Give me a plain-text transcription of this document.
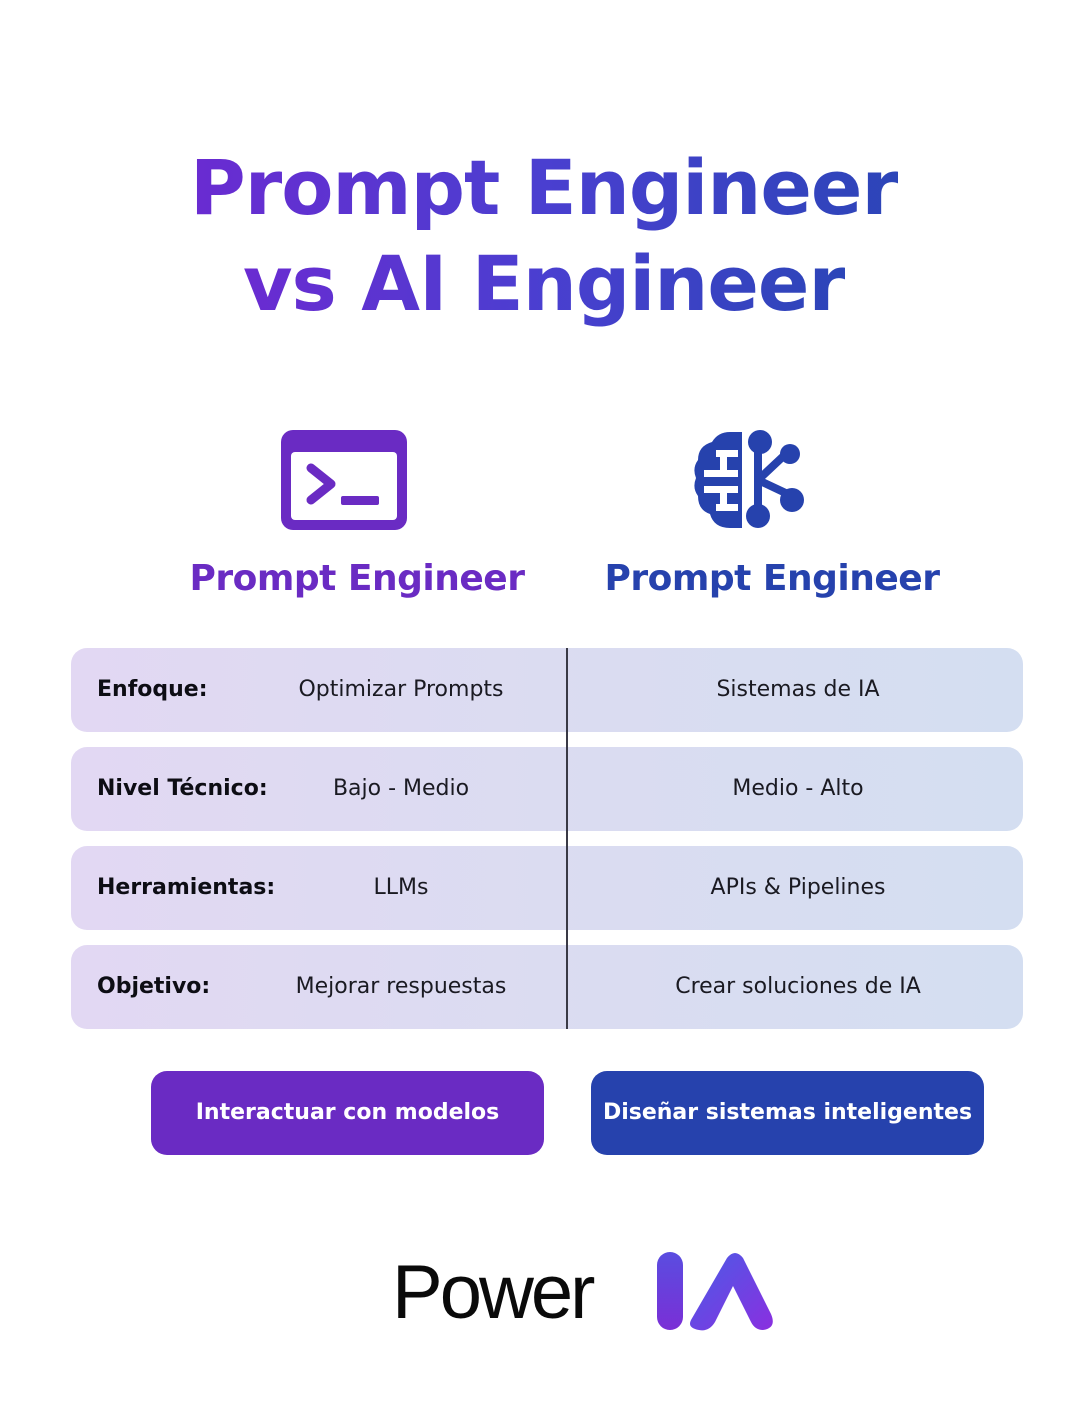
Prompt Engineer
vs AI Engineer
Prompt Engineer	Prompt Engineer
Enfoque:	Optimizar Prompts	Sistemas de IA
Nivel Técnico:	Bajo - Medio	Medio - Alto
Herramientas:	LLMs	APIs & Pipelines
Objetivo:	Mejorar respuestas	Crear soluciones de IA
Interactuar con modelos	Diseñar sistemas inteligentes
Power
